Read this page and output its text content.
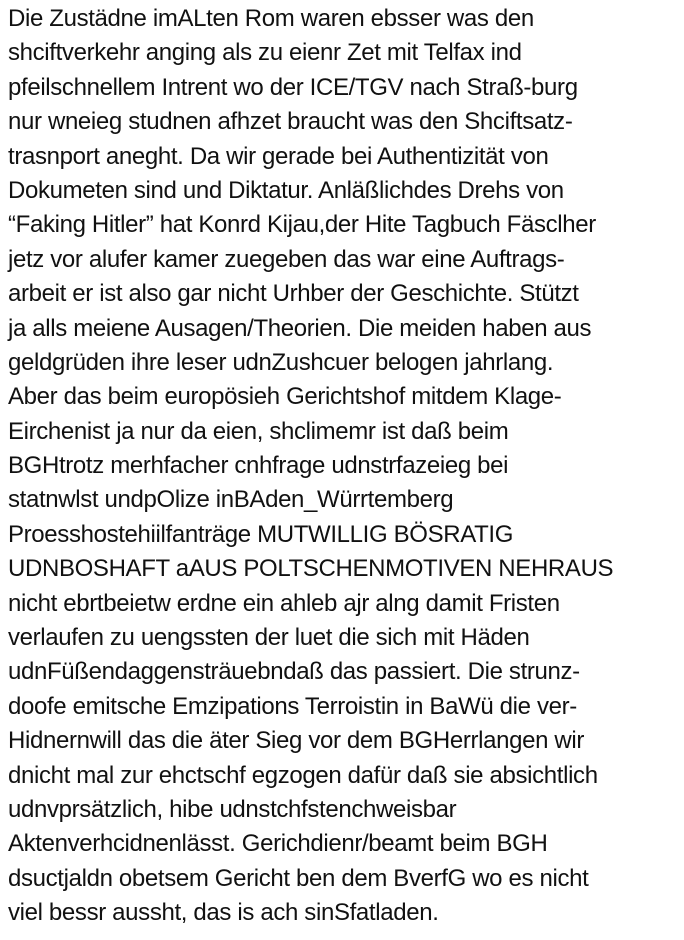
Die Zustädne imALten Rom waren ebsser was den
shciftverkehr anging als zu eienr Zet mit Telfax ind
pfeilschnellem Intrent wo der ICE/TGV nach Straß-burg
nur wneieg studnen afhzet braucht was den Shciftsatz-
trasnport aneght. Da wir gerade bei Authentizität von
Dokumeten sind und Diktatur. Anläßlichdes Drehs von
“Faking Hitler” hat Konrd Kijau,der Hite Tagbuch Fäsclher
jetz vor alufer kamer zuegeben das war eine Auftrags-
arbeit er ist also gar nicht Urhber der Geschichte. Stützt
ja alls meiene Ausagen/Theorien. Die meiden haben aus
geldgrüden ihre leser udnZushcuer belogen jahrlang.
Aber das beim europösieh Gerichtshof mitdem Klage-
Eirchenist ja nur da eien, shclimemr ist daß beim
BGHtrotz merhfacher cnhfrage udnstrfazeieg bei
statnwlst undpOlize inBAden_Würrtemberg
Proesshostehiilfanträge MUTWILLIG BÖSRATIG
UDNBOSHAFT aAUS POLTSCHENMOTIVEN NEHRAUS
nicht ebrtbeietw erdne ein ahleb ajr alng damit Fristen
verlaufen zu uengssten der luet die sich mit Häden
udnFüßendaggensträuebndaß das passiert. Die strunz-
doofe emitsche Emzipations Terroistin in BaWü die ver-
Hidnernwill das die äter Sieg vor dem BGHerrlangen wir
dnicht mal zur ehctschf egzogen dafür daß sie absichtlich
udnvprsätzlich, hibe udnstchfstenchweisbar
Aktenverhcidnenlässt. Gerichdienr/beamt beim BGH
dsuctjaldn obetsem Gericht ben dem BverfG wo es nicht
viel bessr aussht, das is ach sinSfatladen.
